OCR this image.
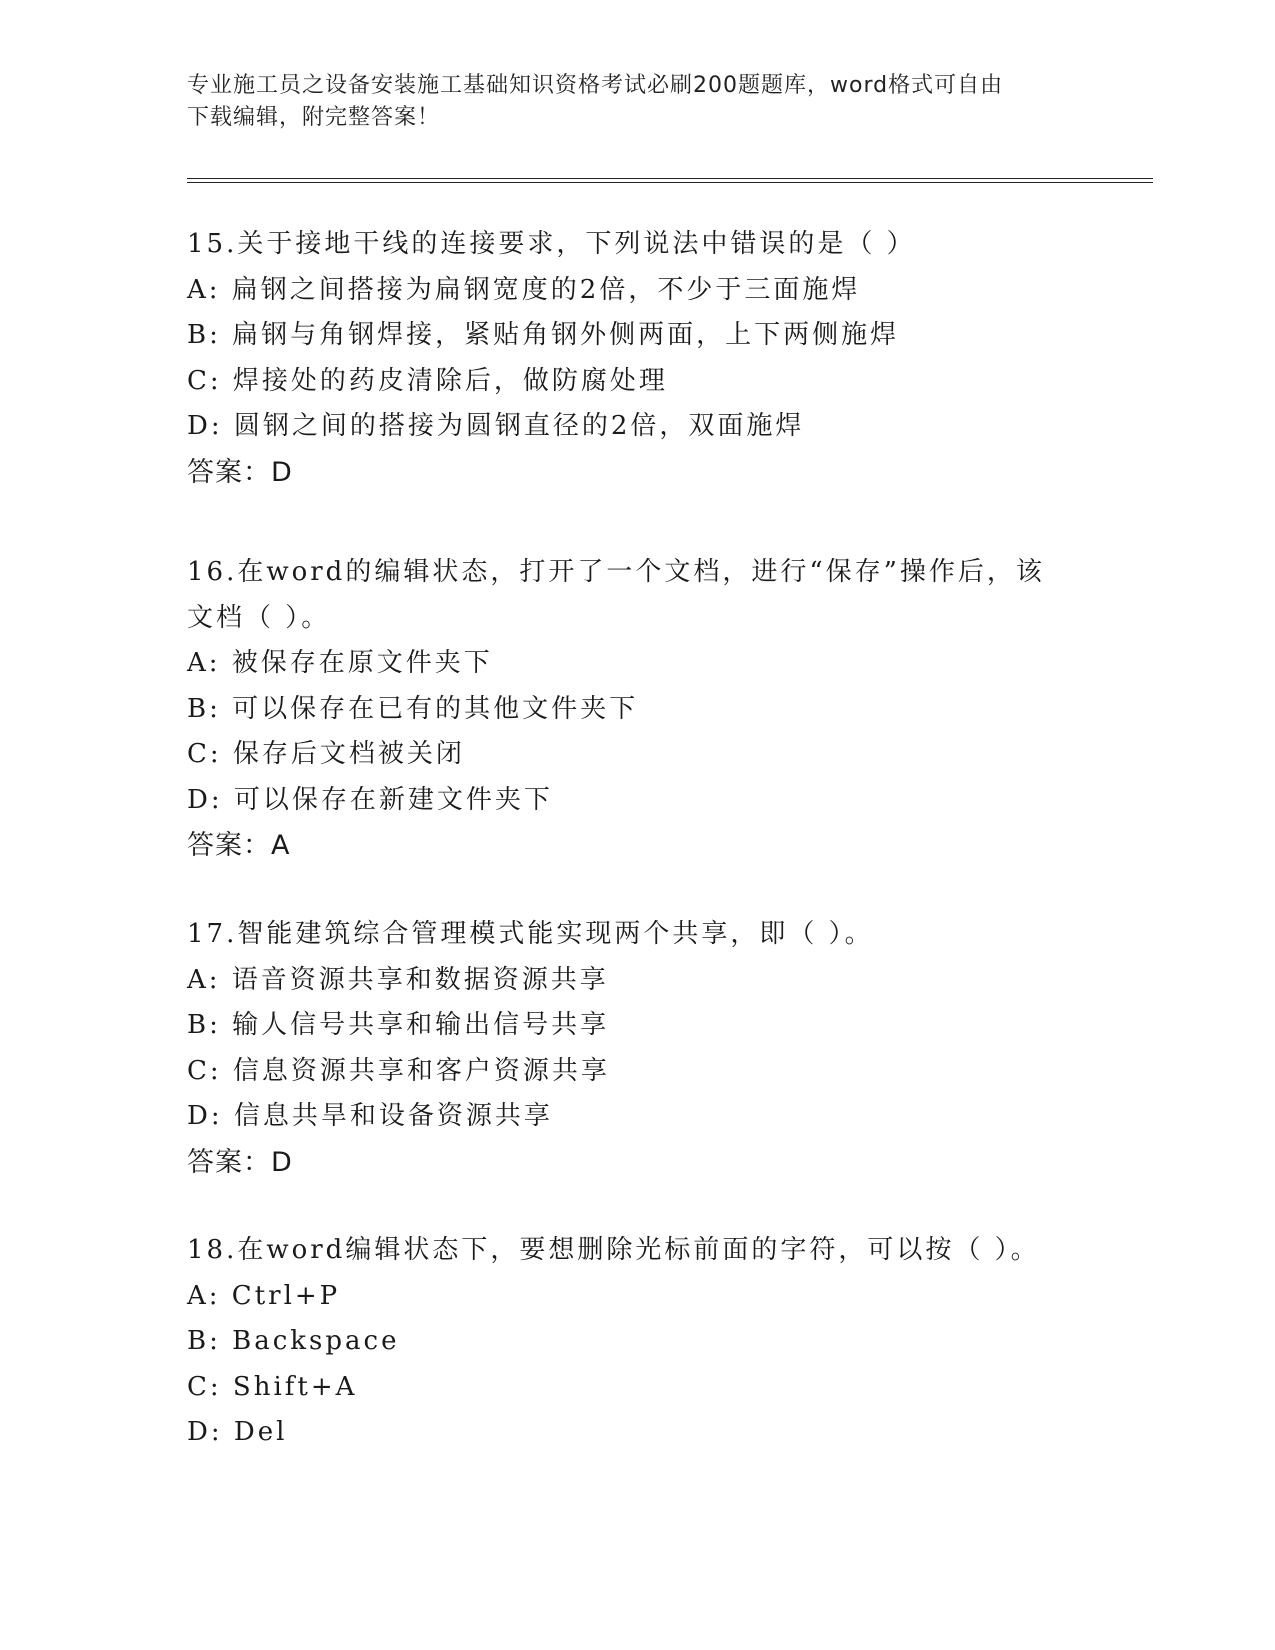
专业施工员之设备安装施工基础知识资格考试必刷200题题库，word格式可自由
下载编辑，附完整答案！
15.关于接地干线的连接要求，下列说法中错误的是（ ）
A: 扁钢之间搭接为扁钢宽度的2倍，不少于三面施焊
B: 扁钢与角钢焊接，紧贴角钢外侧两面，上下两侧施焊
C: 焊接处的药皮清除后，做防腐处理
D: 圆钢之间的搭接为圆钢直径的2倍，双面施焊
答案：D
16.在word的编辑状态，打开了一个文档，进行“保存”操作后，该
文档（ ）。
A: 被保存在原文件夹下
B: 可以保存在已有的其他文件夹下
C: 保存后文档被关闭
D: 可以保存在新建文件夹下
答案：A
17.智能建筑综合管理模式能实现两个共享，即（ ）。
A: 语音资源共享和数据资源共享
B: 输人信号共享和输出信号共享
C: 信息资源共享和客户资源共享
D: 信息共旱和设备资源共享
答案：D
18.在word编辑状态下，要想删除光标前面的字符，可以按（ ）。
A: Ctrl+P
B: Backspace
C: Shift+A
D: Del
